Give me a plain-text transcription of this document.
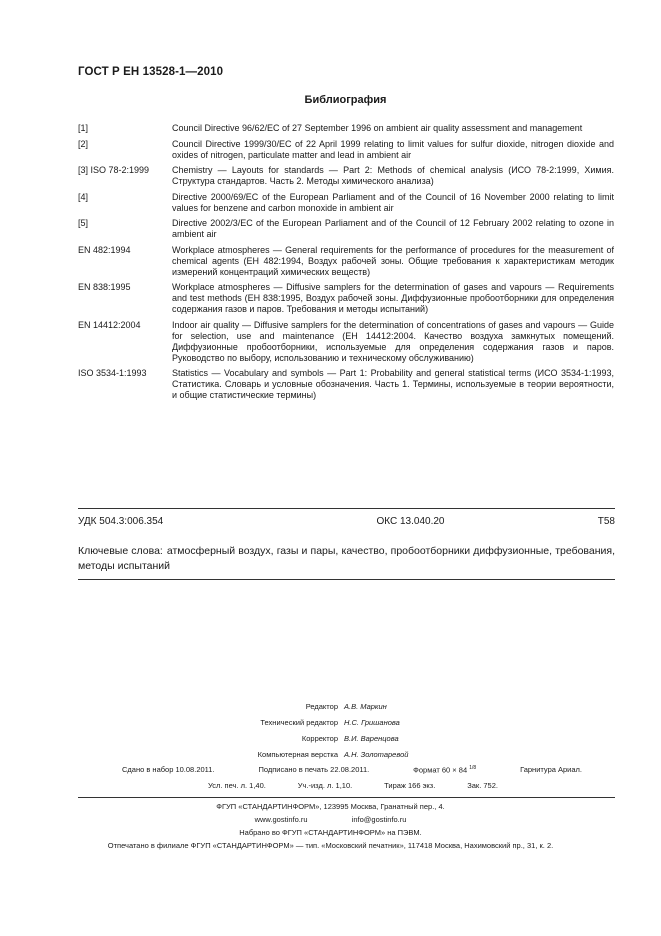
ГОСТ Р ЕН 13528-1—2010
Библиография
[1]	Council Directive 96/62/EC of 27 September 1996 on ambient air quality assessment and management
[2]	Council Directive 1999/30/EC of 22 April 1999 relating to limit values for sulfur dioxide, nitrogen dioxide and oxides of nitrogen, particulate matter and lead in ambient air
[3] ISO 78-2:1999	Chemistry — Layouts for standards — Part 2: Methods of chemical analysis (ИСО 78-2:1999, Химия. Структура стандартов. Часть 2. Методы химического анализа)
[4]	Directive 2000/69/EC of the European Parliament and of the Council of 16 November 2000 relating to limit values for benzene and carbon monoxide in ambient air
[5]	Directive 2002/3/EC of the European Parliament and of the Council of 12 February 2002 relating to ozone in ambient air
EN 482:1994	Workplace atmospheres — General requirements for the performance of procedures for the measurement of chemical agents (ЕН 482:1994, Воздух рабочей зоны. Общие требования к характеристикам методик измерений концентраций химических веществ)
EN 838:1995	Workplace atmospheres — Diffusive samplers for the determination of gases and vapours — Requirements and test methods (ЕН 838:1995, Воздух рабочей зоны. Диффузионные пробоотборники для определения содержания газов и паров. Требования и методы испытаний)
EN 14412:2004	Indoor air quality — Diffusive samplers for the determination of concentrations of gases and vapours — Guide for selection, use and maintenance (ЕН 14412:2004. Качество воздуха замкнутых помещений. Диффузионные пробоотборники, используемые для определения содержания газов и паров. Руководство по выбору, использованию и техническому обслуживанию)
ISO 3534-1:1993	Statistics — Vocabulary and symbols — Part 1: Probability and general statistical terms (ИСО 3534-1:1993, Статистика. Словарь и условные обозначения. Часть 1. Термины, используемые в теории вероятности, и общие статистические термины)
УДК 504.3:006.354	ОКС 13.040.20	Т58
Ключевые слова: атмосферный воздух, газы и пары, качество, пробоотборники диффузионные, требования, методы испытаний
Редактор А.В. Маркин
Технический редактор Н.С. Гришанова
Корректор В.И. Варенцова
Компьютерная верстка А.Н. Золотаревой
Сдано в набор 10.08.2011.	Подписано в печать 22.08.2011.	Формат 60 × 84 $^{1/8}$	Гарнитура Ариал.
Усл. печ. л. 1,40.	Уч.-изд. л. 1,10.	Тираж 166 экз.	Зак. 752.
ФГУП «СТАНДАРТИНФОРМ», 123995 Москва, Гранатный пер., 4.
www.gostinfo.ru	info@gostinfo.ru
Набрано во ФГУП «СТАНДАРТИНФОРМ» на ПЭВМ.
Отпечатано в филиале ФГУП «СТАНДАРТИНФОРМ» — тип. «Московский печатник», 117418 Москва, Нахимовский пр., 31, к. 2.
